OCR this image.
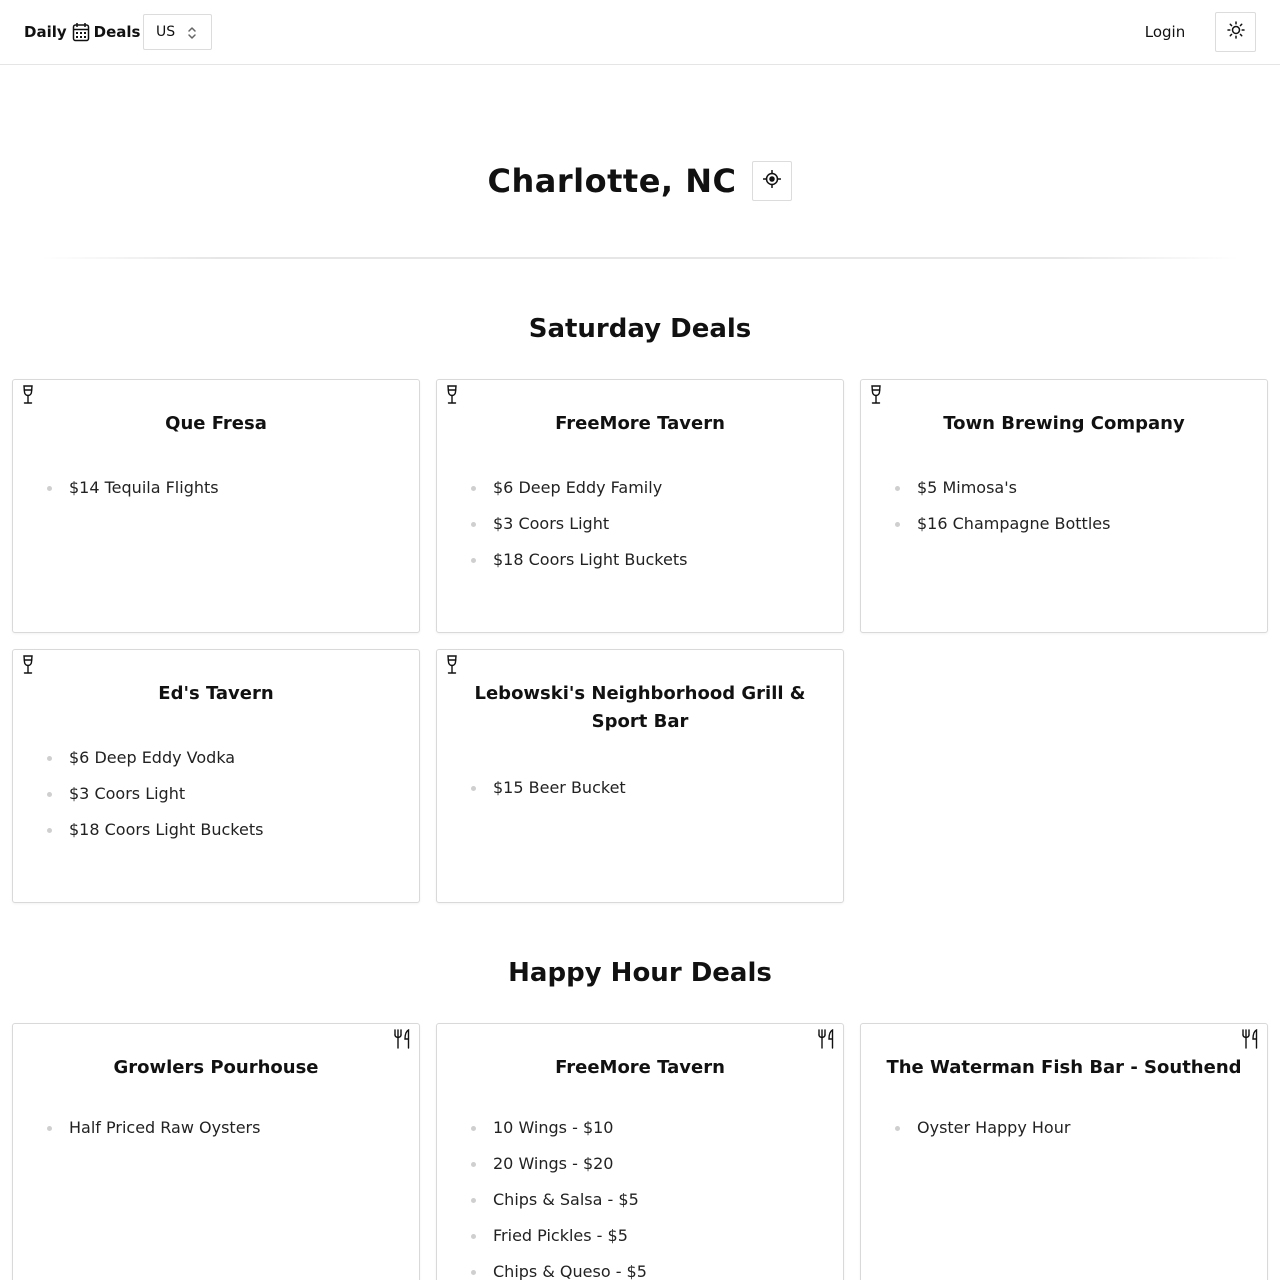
Daily Deals US	Login
Charlotte, NC
Saturday Deals
Que Fresa
$14 Tequila Flights
FreeMore Tavern
$6 Deep Eddy Family
$3 Coors Light
$18 Coors Light Buckets
Town Brewing Company
$5 Mimosa's
$16 Champagne Bottles
Ed's Tavern
$6 Deep Eddy Vodka
$3 Coors Light
$18 Coors Light Buckets
Lebowski's Neighborhood Grill & Sport Bar
$15 Beer Bucket
Happy Hour Deals
Growlers Pourhouse
Half Priced Raw Oysters
FreeMore Tavern
10 Wings - $10
20 Wings - $20
Chips & Salsa - $5
Fried Pickles - $5
Chips & Queso - $5
The Waterman Fish Bar - Southend
Oyster Happy Hour
